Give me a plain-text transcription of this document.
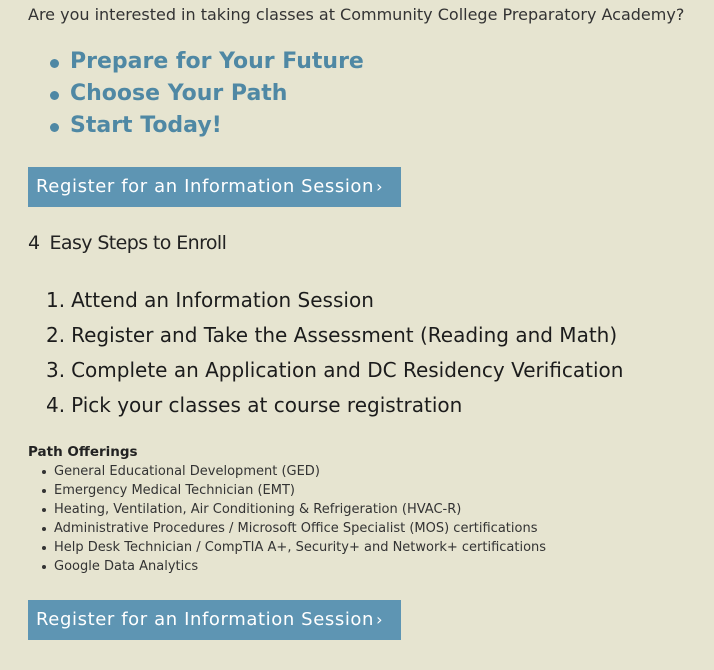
Are you interested in taking classes at Community College Preparatory Academy?
Prepare for Your Future
Choose Your Path
Start Today!
Register for an Information Session ›
4 Easy Steps to Enroll
1. Attend an Information Session
2. Register and Take the Assessment (Reading and Math)
3. Complete an Application and DC Residency Verification
4. Pick your classes at course registration
Path Offerings
General Educational Development (GED)
Emergency Medical Technician (EMT)
Heating, Ventilation, Air Conditioning & Refrigeration (HVAC-R)
Administrative Procedures / Microsoft Office Specialist (MOS) certifications
Help Desk Technician / CompTIA A+, Security+ and Network+ certifications
Google Data Analytics
Register for an Information Session ›
